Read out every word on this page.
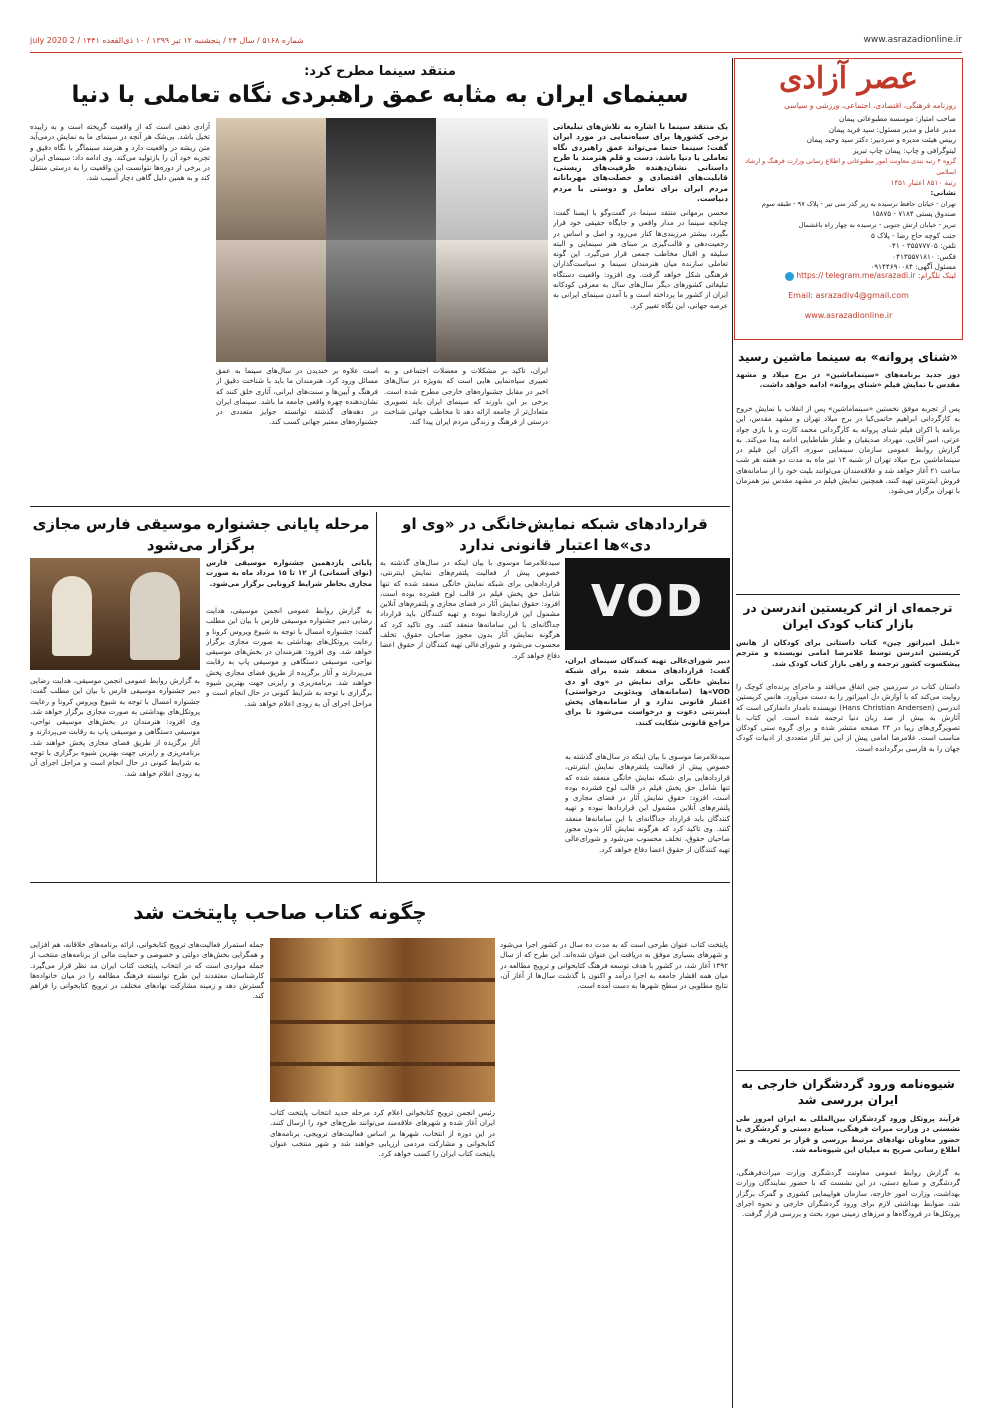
شماره ۵۱۶۸ / سال ۲۴ / پنجشنبه ۱۲ تیر ۱۳۹۹ / ۱۰ ذی‌القعده ۱۴۴۱ / 2 july 2020	www.asrazadionline.ir
عصر آزادی
روزنامه فرهنگی، اقتصادی، اجتماعی، ورزشی و سیاسی
صاحب امتیاز: موسسه مطبوعاتی پیمان
مدیر عامل و مدیر مسئول: سید فرید پیمان
رییس هیئت مدیره و سردبیر: دکتر سید وحید پیمان
لیتوگرافی و چاپ: پیمان چاپ تبریز
گروه ۴ رتبه بندی معاونت امور مطبوعاتی و اطلاع رسانی وزارت فرهنگ و ارشاد اسلامی
رتبه ۸۵۱۰ اعتبار ۱۴۵۱
نشانی:
تهران - خیابان حافظ نرسیده به زیر گذر سی تیر - پلاک ۹۷ - طبقه سوم
صندوق پستی ۷۱۸۴ - ۱۵۸۷۵
تبریز - خیابان ارتش جنوبی - نرسیده به چهار راه باغشمال
جنب کوچه حاج رضا - پلاک ۵
تلفن: ۳۵۵۷۷۷۰۵ - ۰۴۱
فکس: ۰۴۱۳۵۵۷۱۸۱۰
مسئول آگهی: ۰۹۱۴۴۶۹۰۰۸۴
لینک تلگرام: https:// telegram.me/asrazadi.ir
Email: asrazadiv4@gmail.com
www.asrazadionline.ir
منتقد سینما مطرح کرد:
سینمای ایران به مثابه عمق راهبردی نگاه تعاملی با دنیا
یک منتقد سینما با اشاره به تلاش‌های تبلیغاتی برخی کشورها برای سیاه‌نمایی در مورد ایران گفت: سینما حتما می‌تواند عمق راهبردی نگاه تعاملی با دنیا باشد. دست و قلم هنرمند با طرح داستانی نشان‌دهنده ظرفیت‌های زیستی، قابلیت‌های اقتصادی و خصلت‌های مهربانانه مردم ایران برای تعامل و دوستی با مردم دنیاست.
محسن برمهانی منتقد سینما در گفت‌وگو با ایسنا گفت: چنانچه سینما در مدار واقعی و جایگاه حقیقی خود قرار بگیرد، بیشتر مرزبندی‌ها کنار می‌رود و اصل و اساس در رجعیت‌دهی و قالب‌گیری بر مبنای هنر سینمایی و البته سلیقه و اقبال مخاطب جمعی قرار می‌گیرد. این گونه تعاملی سازنده میان هنرمندان سینما و سیاست‌گذاران فرهنگی شکل خواهد گرفت. وی افزود: واقعیت دستگاه تبلیغاتی کشورهای دیگر سال‌های سال به معرفی کودکانه ایران از کشور ما پرداخته است و با آمدن سینمای ایرانی به عرصه جهانی، این نگاه تغییر کرد.
آزادی ذهنی است که از واقعیت گریخته است و به زاییده تخیل باشد. بی‌شک هر آنچه در سینمای ما به نمایش درمی‌آید متن ریشه در واقعیت دارد و هنرمند سینماگر با نگاه دقیق و تجربه خود آن را بازتولید می‌کند. وی ادامه داد: سینمای ایران در برخی از دوره‌ها نتوانست این واقعیت را به درستی منتقل کند و به همین دلیل گاهی دچار آسیب شد.
ایران، تاکید بر مشکلات و معضلات اجتماعی و به تعبیری سیاه‌نمایی هایی است که به‌ویژه در سال‌های اخیر در مقابل جشنواره‌های خارجی مطرح شده است. برخی بر این باورند که سینمای ایران باید تصویری متعادل‌تر از جامعه ارائه دهد تا مخاطب جهانی شناخت درستی از فرهنگ و زندگی مردم ایران پیدا کند.
است علاوه بر خندیدن در سال‌های سینما به عمق مسائل ورود کرد. هنرمندان ما باید با شناخت دقیق از فرهنگ و آیین‌ها و سنت‌های ایرانی، آثاری خلق کنند که نشان‌دهنده چهره واقعی جامعه ما باشد. سینمای ایران در دهه‌های گذشته توانسته جوایز متعددی در جشنواره‌های معتبر جهانی کسب کند.
«شنای پروانه» به سینما ماشین رسید
دور جدید برنامه‌های «سینماماشین» در برج میلاد و مشهد مقدس با نمایش فیلم «شنای پروانه» ادامه خواهد داشت.
پس از تجربه موفق نخستین «سینماماشین» پس از انقلاب با نمایش خروج به کارگردانی ابراهیم حاتمی‌کیا در برج میلاد تهران و مشهد مقدس، این برنامه با اکران فیلم شنای پروانه به کارگردانی محمد کارت و با بازی جواد عزتی، امیر آقایی، مهرداد صدیقیان و طناز طباطبایی ادامه پیدا می‌کند. به گزارش روابط عمومی سازمان سینمایی سوره، اکران این فیلم در سینماماشین برج میلاد تهران از شنبه ۱۴ تیر ماه به مدت دو هفته هر شب ساعت ۲۱ آغاز خواهد شد و علاقه‌مندان می‌توانند بلیت خود را از سامانه‌های فروش اینترنتی تهیه کنند. همچنین نمایش فیلم در مشهد مقدس نیز همزمان با تهران برگزار می‌شود.
ترجمه‌ای از اثر کریستین اندرسن در بازار کتاب کودک ایران
«بلبل امپراتور چین» کتاب داستانی برای کودکان از هانس کریستین اندرسن توسط غلامرضا امامی نویسنده و مترجم پیشکسوت کشور ترجمه و راهی بازار کتاب کودک شد.
داستان کتاب در سرزمین چین اتفاق می‌افتد و ماجرای پرنده‌ای کوچک را روایت می‌کند که با آوازش دل امپراتور را به دست می‌آورد. هانس کریستین اندرسن (Hans Christian Andersen) نویسنده نامدار دانمارکی است که آثارش به بیش از صد زبان دنیا ترجمه شده است. این کتاب با تصویرگری‌های زیبا در ۲۴ صفحه منتشر شده و برای گروه سنی کودکان مناسب است. غلامرضا امامی پیش از این نیز آثار متعددی از ادبیات کودک جهان را به فارسی برگردانده است.
شیوه‌نامه ورود گردشگران خارجی به ایران بررسی شد
فرآیند پروتکل ورود گردشگران بین‌المللی به ایران امروز طی نشستی در وزارت میراث فرهنگی، صنایع دستی و گردشگری با حضور معاونان نهادهای مرتبط بررسی و قرار بر تعریف و نیز اطلاع رسانی صریح به میلیان این شیوه‌نامه شد.
به گزارش روابط عمومی معاونت گردشگری وزارت میراث‌فرهنگی، گردشگری و صنایع دستی، در این نشست که با حضور نمایندگان وزارت بهداشت، وزارت امور خارجه، سازمان هواپیمایی کشوری و گمرک برگزار شد، ضوابط بهداشتی لازم برای ورود گردشگران خارجی و نحوه اجرای پروتکل‌ها در فرودگاه‌ها و مرزهای زمینی مورد بحث و بررسی قرار گرفت.
قراردادهای شبکه نمایش‌خانگی در «وی او دی»ها اعتبار قانونی ندارد
VOD
دبیر شورای‌عالی تهیه کنندگان سینمای ایران، گفت: قراردادهای منعقد شده برای شبکه نمایش خانگی برای نمایش در «وی او دی VOD»ها (سامانه‌های ویدئویی درخواستی) اعتبار قانونی ندارد و از سامانه‌های پخش اینترنتی دعوت و درخواست می‌شود تا برای مراجع قانونی شکایت کنند.
سیدغلامرضا موسوی با بیان اینکه در سال‌های گذشته به خصوص پیش از فعالیت پلتفرم‌های نمایش اینترنتی، قراردادهایی برای شبکه نمایش خانگی منعقد شده که تنها شامل حق پخش فیلم در قالب لوح فشرده بوده است، افزود: حقوق نمایش آثار در فضای مجازی و پلتفرم‌های آنلاین مشمول این قراردادها نبوده و تهیه کنندگان باید قرارداد جداگانه‌ای با این سامانه‌ها منعقد کنند. وی تاکید کرد که هرگونه نمایش آثار بدون مجوز صاحبان حقوق، تخلف محسوب می‌شود و شورای‌عالی تهیه کنندگان از حقوق اعضا دفاع خواهد کرد.
سیدغلامرضا موسوی با بیان اینکه در سال‌های گذشته به خصوص پیش از فعالیت پلتفرم‌های نمایش اینترنتی، قراردادهایی برای شبکه نمایش خانگی منعقد شده که تنها شامل حق پخش فیلم در قالب لوح فشرده بوده است، افزود: حقوق نمایش آثار در فضای مجازی و پلتفرم‌های آنلاین مشمول این قراردادها نبوده و تهیه کنندگان باید قرارداد جداگانه‌ای با این سامانه‌ها منعقد کنند. وی تاکید کرد که هرگونه نمایش آثار بدون مجوز صاحبان حقوق، تخلف محسوب می‌شود و شورای‌عالی تهیه کنندگان از حقوق اعضا دفاع خواهد کرد.
مرحله پایانی جشنواره موسیقی فارس مجازی برگزار می‌شود
پایانی یازدهمین جشنواره موسیقی فارس (نوای آسمانی) از ۱۲ تا ۱۵ مرداد ماه به صورت مجازی بخاطر شرایط کرونایی برگزار می‌شود.
به گزارش روابط عمومی انجمن موسیقی، هدایت رضایی دبیر جشنواره موسیقی فارس با بیان این مطلب گفت: جشنواره امسال با توجه به شیوع ویروس کرونا و رعایت پروتکل‌های بهداشتی به صورت مجازی برگزار خواهد شد. وی افزود: هنرمندان در بخش‌های موسیقی نواحی، موسیقی دستگاهی و موسیقی پاپ به رقابت می‌پردازند و آثار برگزیده از طریق فضای مجازی پخش خواهند شد. برنامه‌ریزی و رایزنی جهت بهترین شیوه برگزاری با توجه به شرایط کنونی در حال انجام است و مراحل اجرای آن به زودی اعلام خواهد شد.
به گزارش روابط عمومی انجمن موسیقی، هدایت رضایی دبیر جشنواره موسیقی فارس با بیان این مطلب گفت: جشنواره امسال با توجه به شیوع ویروس کرونا و رعایت پروتکل‌های بهداشتی به صورت مجازی برگزار خواهد شد. وی افزود: هنرمندان در بخش‌های موسیقی نواحی، موسیقی دستگاهی و موسیقی پاپ به رقابت می‌پردازند و آثار برگزیده از طریق فضای مجازی پخش خواهند شد. برنامه‌ریزی و رایزنی جهت بهترین شیوه برگزاری با توجه به شرایط کنونی در حال انجام است و مراحل اجرای آن به زودی اعلام خواهد شد.
چگونه کتاب صاحب پایتخت شد
پایتخت کتاب عنوان طرحی است که به مدت ده سال در کشور اجرا می‌شود و شهرهای بسیاری موفق به دریافت این عنوان شده‌اند. این طرح که از سال ۱۳۹۲ آغاز شد، در کشور با هدف توسعه فرهنگ کتابخوانی و ترویج مطالعه در میان همه اقشار جامعه به اجرا درآمد و اکنون با گذشت سال‌ها از آغاز آن، نتایج مطلوبی در سطح شهرها به دست آمده است.
رئیس انجمن ترویج کتابخوانی اعلام کرد مرحله جدید انتخاب پایتخت کتاب ایران آغاز شده و شهرهای علاقه‌مند می‌توانند طرح‌های خود را ارسال کنند. در این دوره از انتخاب، شهرها بر اساس فعالیت‌های ترویجی، برنامه‌های کتابخوانی و مشارکت مردمی ارزیابی خواهند شد و شهر منتخب عنوان پایتخت کتاب ایران را کسب خواهد کرد.
جمله استمرار فعالیت‌های ترویج کتابخوانی، ارائه برنامه‌های خلاقانه، هم افزایی و همگرایی بخش‌های دولتی و خصوصی و حمایت مالی از برنامه‌های منتخب از جمله مواردی است که در انتخاب پایتخت کتاب ایران مد نظر قرار می‌گیرد. کارشناسان معتقدند این طرح توانسته فرهنگ مطالعه را در میان خانواده‌ها گسترش دهد و زمینه مشارکت نهادهای مختلف در ترویج کتابخوانی را فراهم کند.
